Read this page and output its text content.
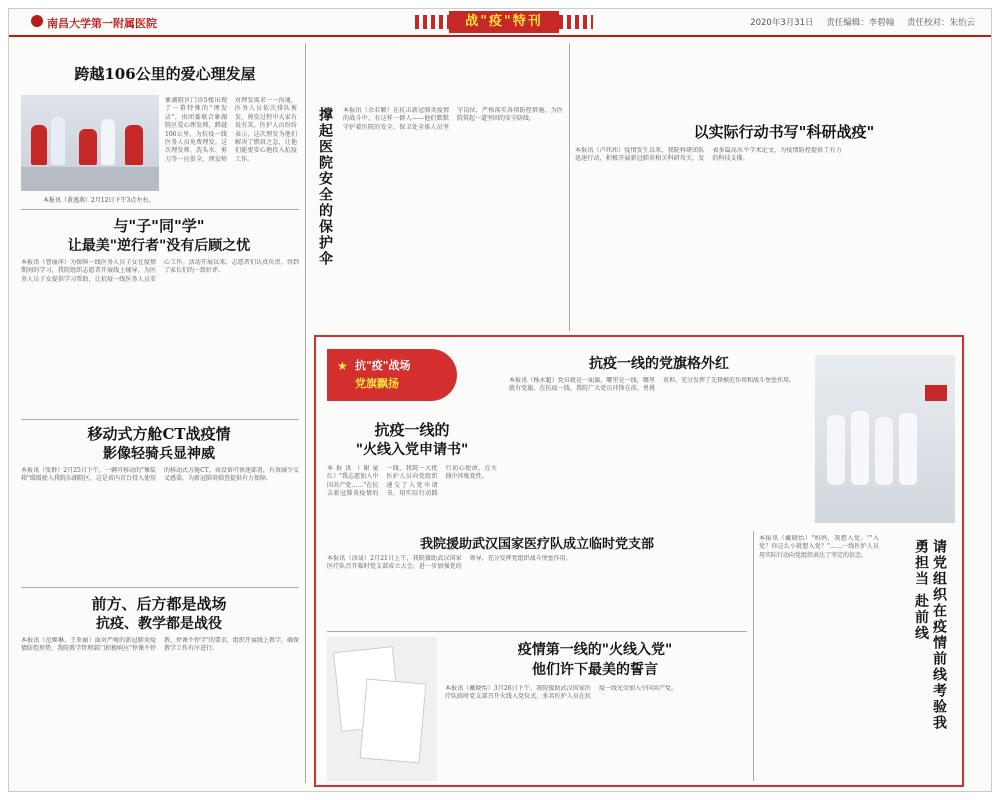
南昌大学第一附属医院	战"疫"特刊	2020年3月31日 责任编辑：李碧翰 责任校对：朱怡云
跨越106公里的爱心理发屋
本报讯（黄逸燕）2月12日下午3点左右，
象湖院区门诊5楼出现了一幕特殊的"理发店"，由团委联合象湖院区爱心理发师，跨越106公里，为抗疫一线医务人员免费理发。这次理发师，洗头水、剪刀等一应俱全，理发师对理发需求一一沟通，医务人员依次排队剪发，剪发过程中大家有说有笑。医护人员纷纷表示，这次理发为他们解决了燃眉之急，让他们能更安心地投入抗疫工作。
与"子"同"学"
让最美"逆行者"没有后顾之忧
本报讯（曹丽萍）为保障一线医务人员子女在疫情期间的学习，我院组织志愿者开展线上辅导，为医务人员子女提供学习帮助，让抗疫一线医务人员安心工作。活动开展以来，志愿者们认真负责，得到了家长们的一致好评。
移动式方舱CT战疫情
影像轻骑兵显神威
本报讯（张群）2月25日下午，一辆可移动的"集装箱"缓缓驶入我院东湖院区，这是省内首台投入使用的移动式方舱CT。该设备可快速部署，有效减少交叉感染，为新冠肺炎筛查提供有力保障。
前方、后方都是战场
抗疫、教学都是战役
本报讯（范姬琳、王亚丽）面对严峻的新冠肺炎疫情防控形势，我院教学管理部门积极响应"停课不停教、停课不停学"的要求，组织开展线上教学，确保教学工作有序进行。
撑起医院安全的保护伞	本报讯（余若颖）在抗击新冠肺炎疫情的战斗中，有这样一群人——他们默默守护着医院的安全。保卫处全体人员坚守岗位，严格落实各项防控措施，为医院筑起一道坚固的安全防线。
以实际行动书写"科研战疫"
本报讯（卢玮玮）疫情发生以来，我院科研团队迅速行动，积极开展新冠肺炎相关科研攻关，发表多篇高水平学术论文，为疫情防控提供了有力的科技支撑。
★ 抗"疫"战场
党旗飘扬
抗疫一线的
"火线入党申请书"
本报讯（谢童红）"我志愿加入中国共产党……"在抗击新冠肺炎疫情的一线，我院一大批医护人员向党组织递交了入党申请书，用实际行动践行初心使命，在火线中淬炼党性。
抗疫一线的党旗格外红
本报讯（杨永超）党员就是一面旗，哪里是一线，哪里就有党旗。在抗疫一线，我院广大党员冲锋在前，勇挑重担，充分发挥了先锋模范作用和战斗堡垒作用。
我院援助武汉国家医疗队成立临时党支部
本报讯（涂晟）2月21日上午，我院援助武汉国家医疗队召开临时党支部成立大会，进一步加强党的领导，充分发挥党组织战斗堡垒作用。
疫情第一线的"火线入党"
他们许下最美的誓言
本报讯（戴晓怡）3月26日下午，我院援助武汉国家医疗队临时党支部召开火线入党仪式，多名医护人员在抗疫一线光荣加入中国共产党。
本报讯（戴晓怡）"妈妈，我想入党。""入党？你这么小就想入党？"……一线医护人员用实际行动向党组织表达了坚定的信念。	勇担当 赴前线 请党组织在疫情前线考验我
